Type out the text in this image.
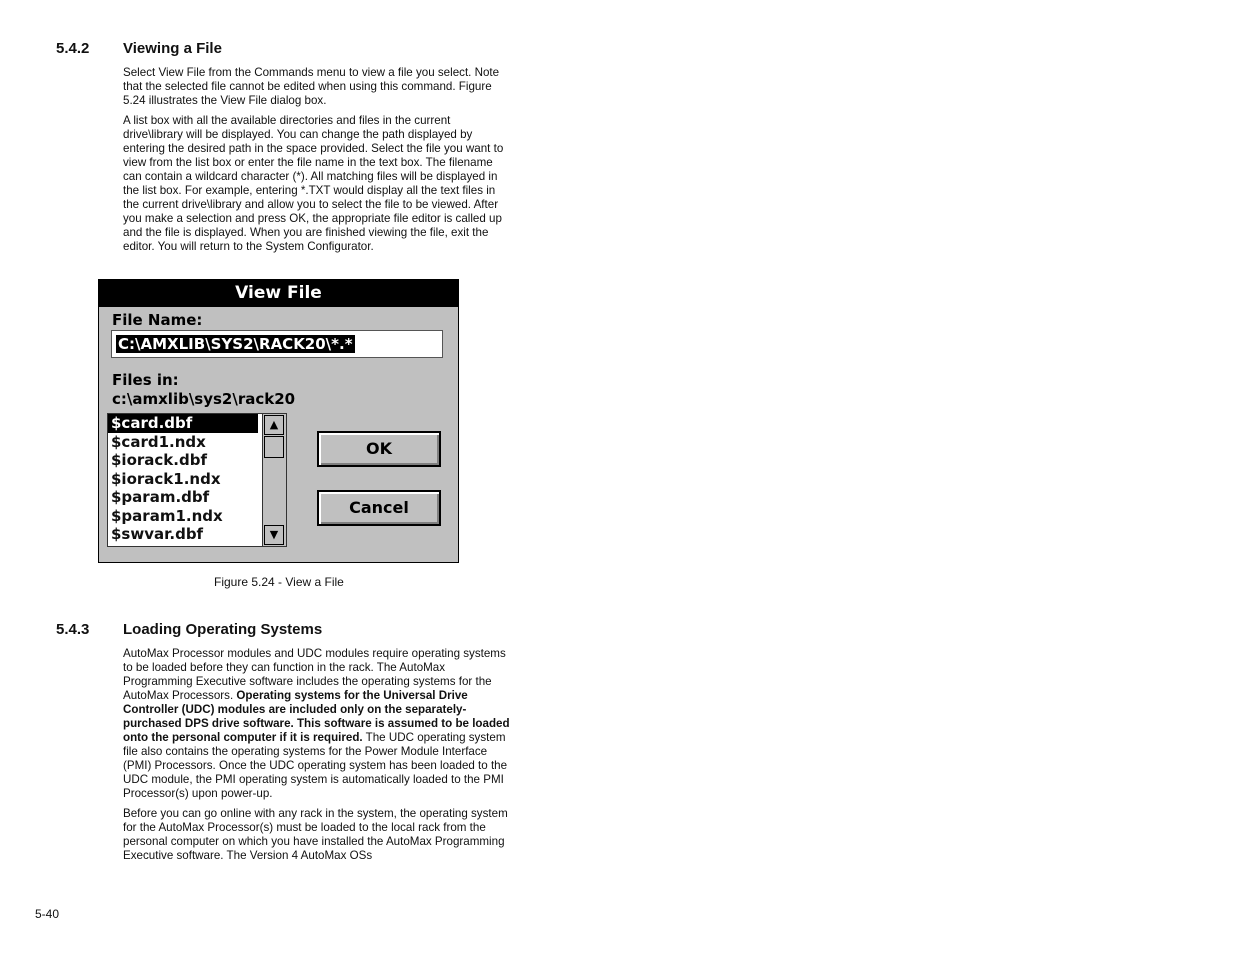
5.4.2 Viewing a File

Select View File from the Commands menu to view a file you select. Note that the selected file cannot be edited when using this command. Figure 5.24 illustrates the View File dialog box.

A list box with all the available directories and files in the current drive\library will be displayed. You can change the path displayed by entering the desired path in the space provided. Select the file you want to view from the list box or enter the file name in the text box. The filename can contain a wildcard character (*). All matching files will be displayed in the list box. For example, entering *.TXT would display all the text files in the current drive\library and allow you to select the file to be viewed. After you make a selection and press OK, the appropriate file editor is called up and the file is displayed. When you are finished viewing the file, exit the editor. You will return to the System Configurator.

View File
File Name:
C:\AMXLIB\SYS2\RACK20\*.*
Files in:
c:\amxlib\sys2\rack20
$card.dbf
$card1.ndx
$iorack.dbf
$iorack1.ndx
$param.dbf
$param1.ndx
$swvar.dbf
▲
▼
OK
Cancel
Figure 5.24 - View a File
5.4.3 Loading Operating Systems

AutoMax Processor modules and UDC modules require operating systems to be loaded before they can function in the rack. The AutoMax Programming Executive software includes the operating systems for the AutoMax Processors. Operating systems for the Universal Drive Controller (UDC) modules are included only on the separately-purchased DPS drive software. This software is assumed to be loaded onto the personal computer if it is required. The UDC operating system file also contains the operating systems for the Power Module Interface (PMI) Processors. Once the UDC operating system has been loaded to the UDC module, the PMI operating system is automatically loaded to the PMI Processor(s) upon power-up.

Before you can go online with any rack in the system, the operating system for the AutoMax Processor(s) must be loaded to the local rack from the personal computer on which you have installed the AutoMax Programming Executive software. The Version 4 AutoMax OSs

5-40
